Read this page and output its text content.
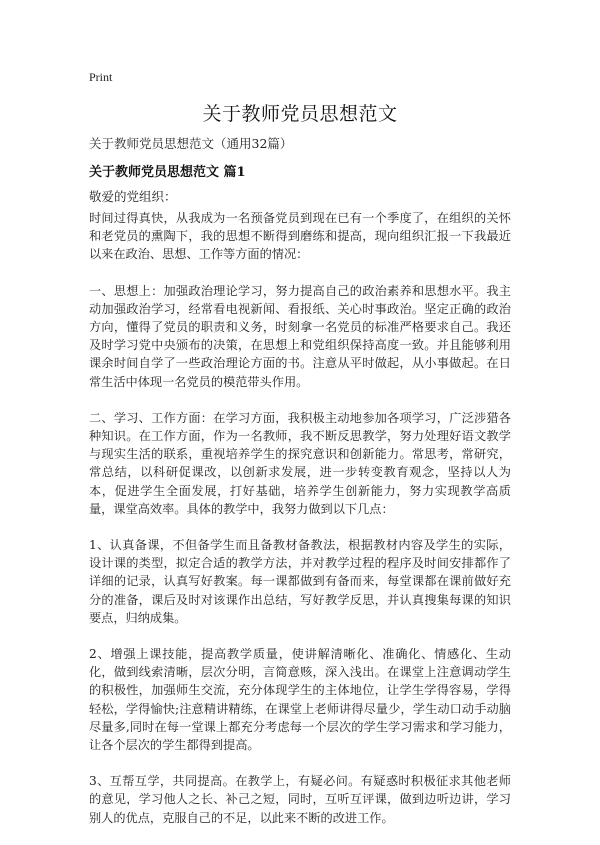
Print
关于教师党员思想范文
关于教师党员思想范文（通用32篇）
关于教师党员思想范文 篇1
敬爱的党组织：

时间过得真快，从我成为一名预备党员到现在已有一个季度了，在组织的关怀和老党员的熏陶下，我的思想不断得到磨练和提高，现向组织汇报一下我最近以来在政治、思想、工作等方面的情况：

一、思想上：加强政治理论学习，努力提高自己的政治素养和思想水平。我主动加强政治学习，经常看电视新闻、看报纸、关心时事政治。坚定正确的政治方向，懂得了党员的职责和义务，时刻拿一名党员的标准严格要求自己。我还及时学习党中央颁布的决策，在思想上和党组织保持高度一致。并且能够利用课余时间自学了一些政治理论方面的书。注意从平时做起，从小事做起。在日常生活中体现一名党员的模范带头作用。

二、学习、工作方面：在学习方面，我积极主动地参加各项学习，广泛涉猎各种知识。在工作方面，作为一名教师，我不断反思教学，努力处理好语文教学与现实生活的联系，重视培养学生的探究意识和创新能力。常思考，常研究，常总结，以科研促课改，以创新求发展，进一步转变教育观念，坚持以人为本，促进学生全面发展，打好基础，培养学生创新能力，努力实现教学高质量，课堂高效率。具体的教学中，我努力做到以下几点：

1、认真备课，不但备学生而且备教材备教法，根据教材内容及学生的实际，设计课的类型，拟定合适的教学方法，并对教学过程的程序及时间安排都作了详细的记录，认真写好教案。每一课都做到有备而来，每堂课都在课前做好充分的准备，课后及时对该课作出总结，写好教学反思，并认真搜集每课的知识要点，归纳成集。

2、增强上课技能，提高教学质量，使讲解清晰化、准确化、情感化、生动化，做到线索清晰，层次分明，言简意赅，深入浅出。在课堂上注意调动学生的积极性，加强师生交流，充分体现学生的主体地位，让学生学得容易，学得轻松，学得愉快;注意精讲精练，在课堂上老师讲得尽量少，学生动口动手动脑尽量多,同时在每一堂课上都充分考虑每一个层次的学生学习需求和学习能力，让各个层次的学生都得到提高。

3、互帮互学，共同提高。在教学上，有疑必问。有疑惑时积极征求其他老师的意见，学习他人之长、补己之短，同时，互听互评课，做到边听边讲，学习别人的优点，克服自己的不足，以此来不断的改进工作。
